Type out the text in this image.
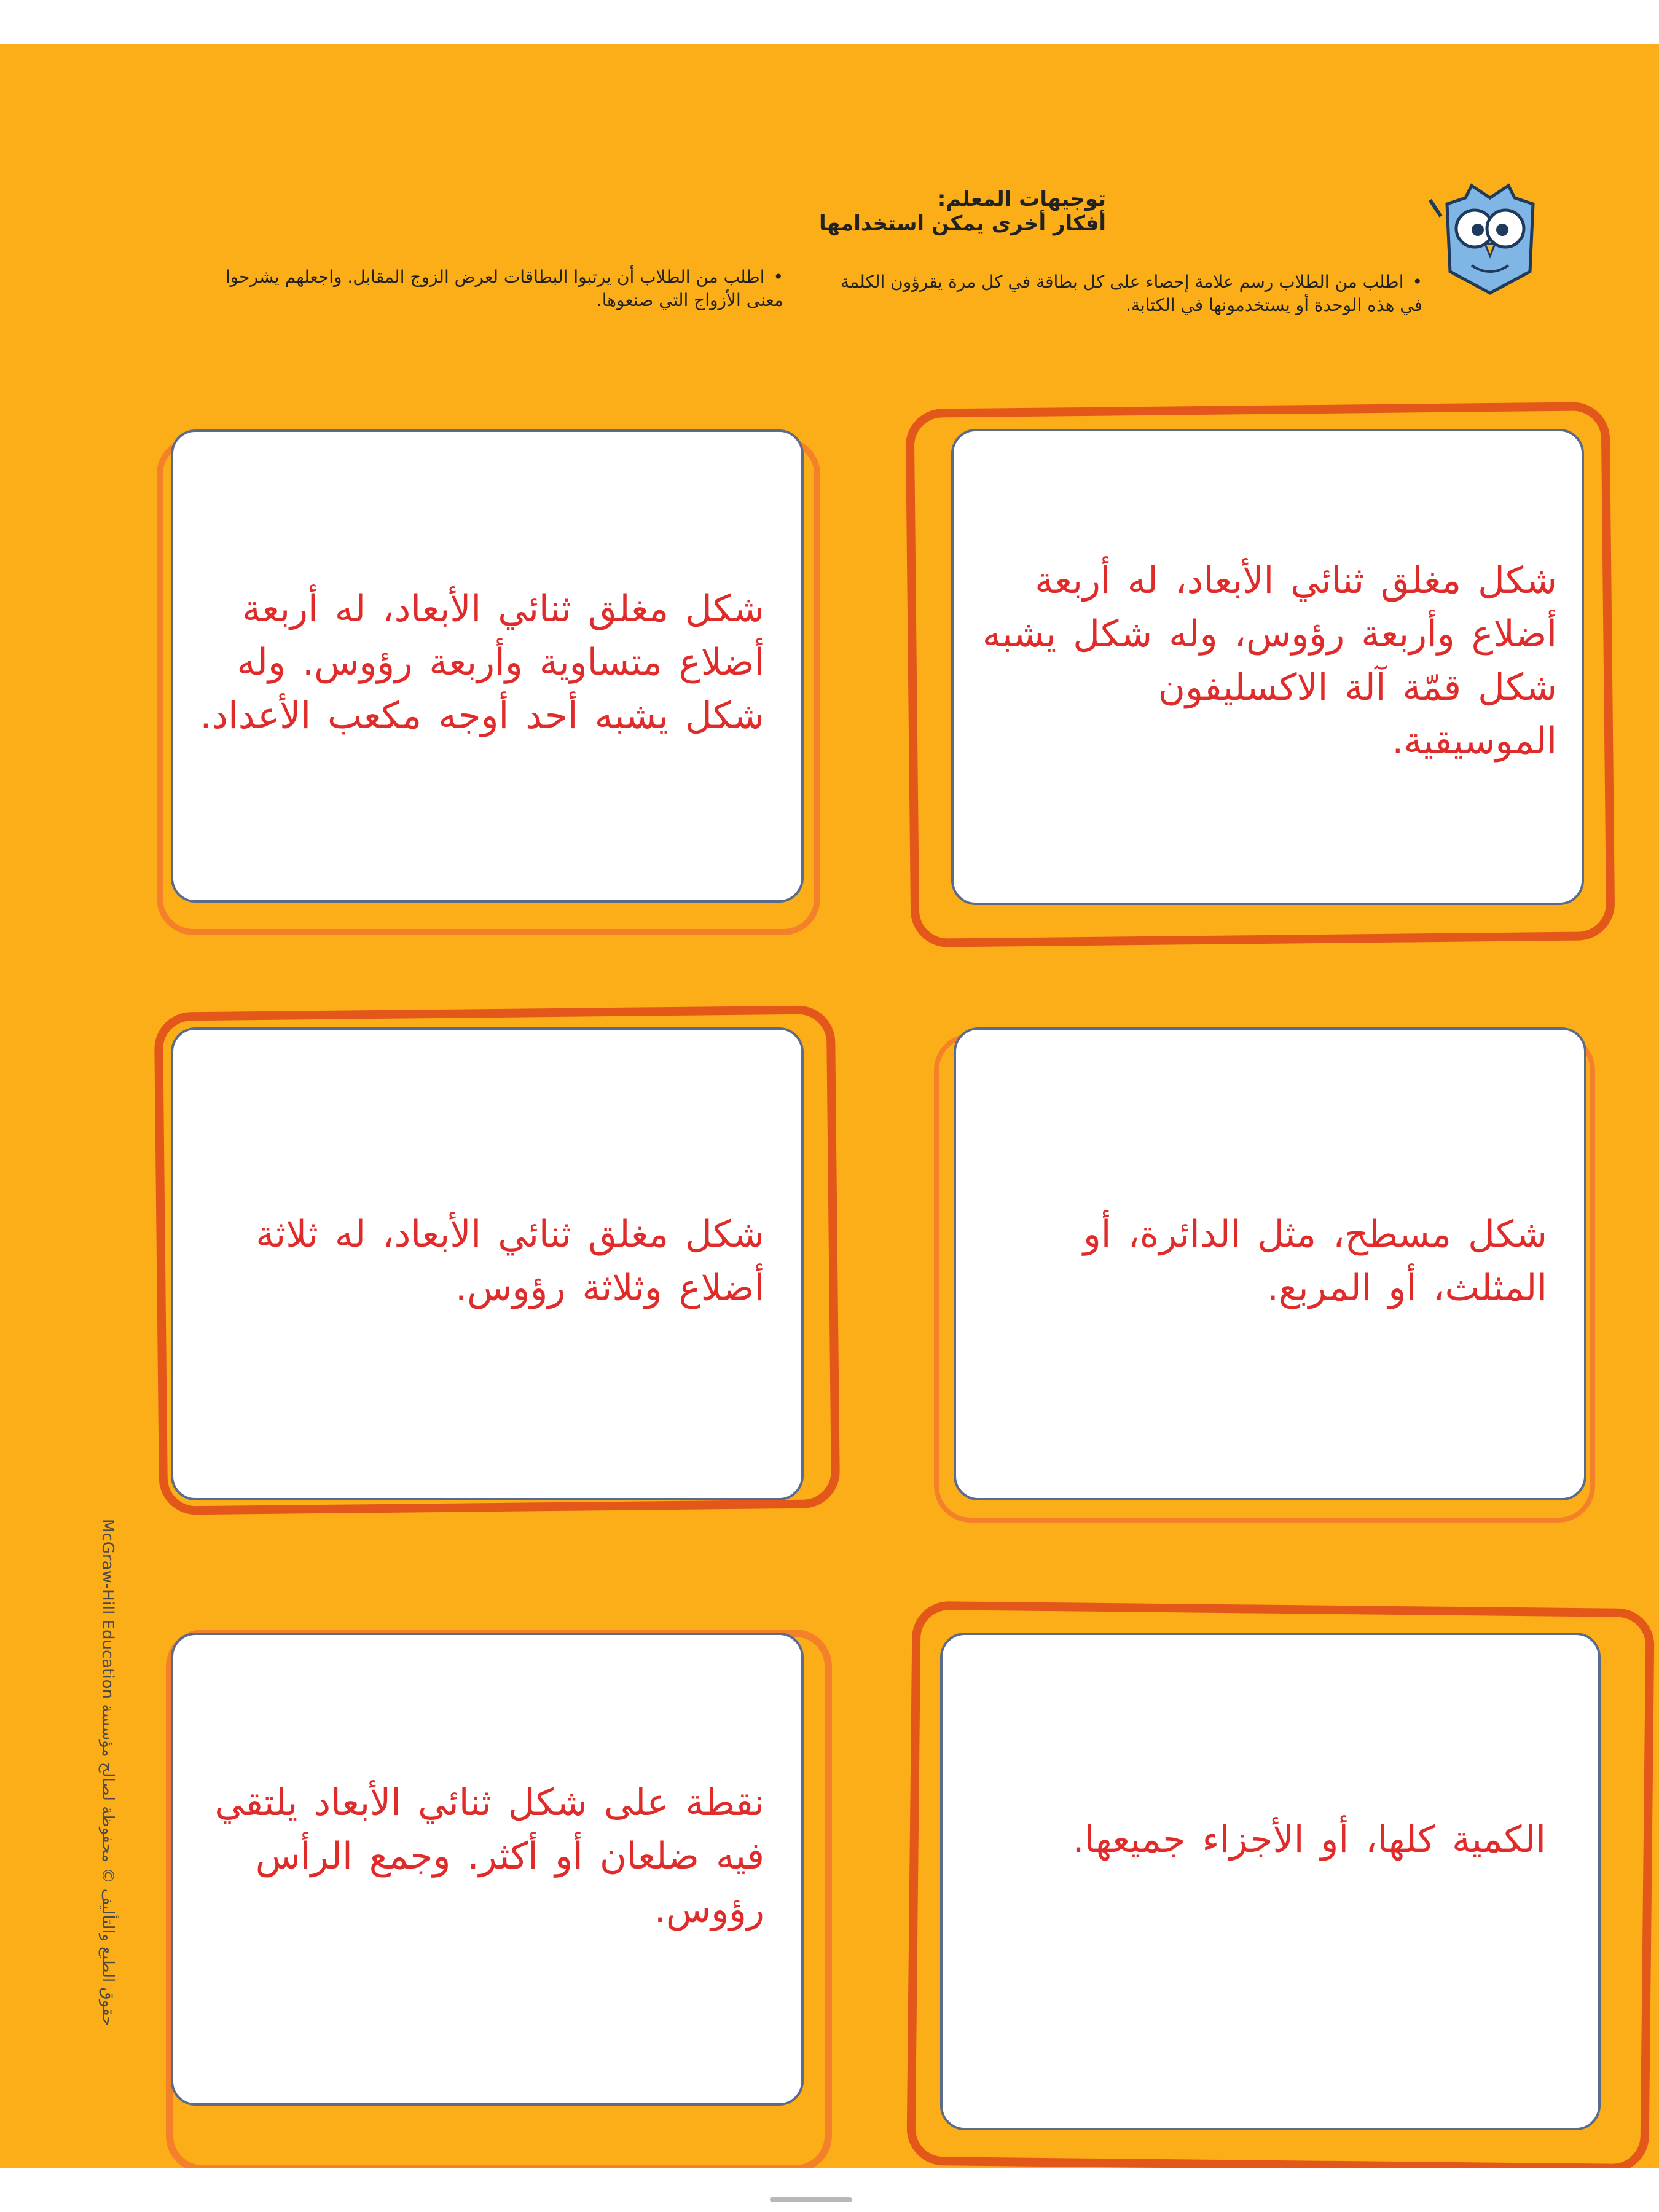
توجيهات المعلم:
أفكار أخرى يمكن استخدامها
•اطلب من الطلاب رسم علامة إحصاء على كل بطاقة في كل مرة يقرؤون الكلمة في هذه الوحدة أو يستخدمونها في الكتابة.
•اطلب من الطلاب أن يرتبوا البطاقات لعرض الزوج المقابل. واجعلهم يشرحوا معنى الأزواج التي صنعوها.
شكل مغلق ثنائي الأبعاد، له أربعة أضلاع وأربعة رؤوس، وله شكل يشبه شكل قمّة آلة الاكسليفون الموسيقية.
شكل مغلق ثنائي الأبعاد، له أربعة أضلاع متساوية وأربعة رؤوس. وله شكل يشبه أحد أوجه مكعب الأعداد.
شكل مسطح، مثل الدائرة، أو المثلث، أو المربع.
شكل مغلق ثنائي الأبعاد، له ثلاثة أضلاع وثلاثة رؤوس.
الكمية كلها، أو الأجزاء جميعها.
نقطة على شكل ثنائي الأبعاد يلتقي فيه ضلعان أو أكثر. وجمع الرأس رؤوس.
McGraw-Hill Education حقوق الطبع والتأليف © محفوظة لصالح مؤسسة
